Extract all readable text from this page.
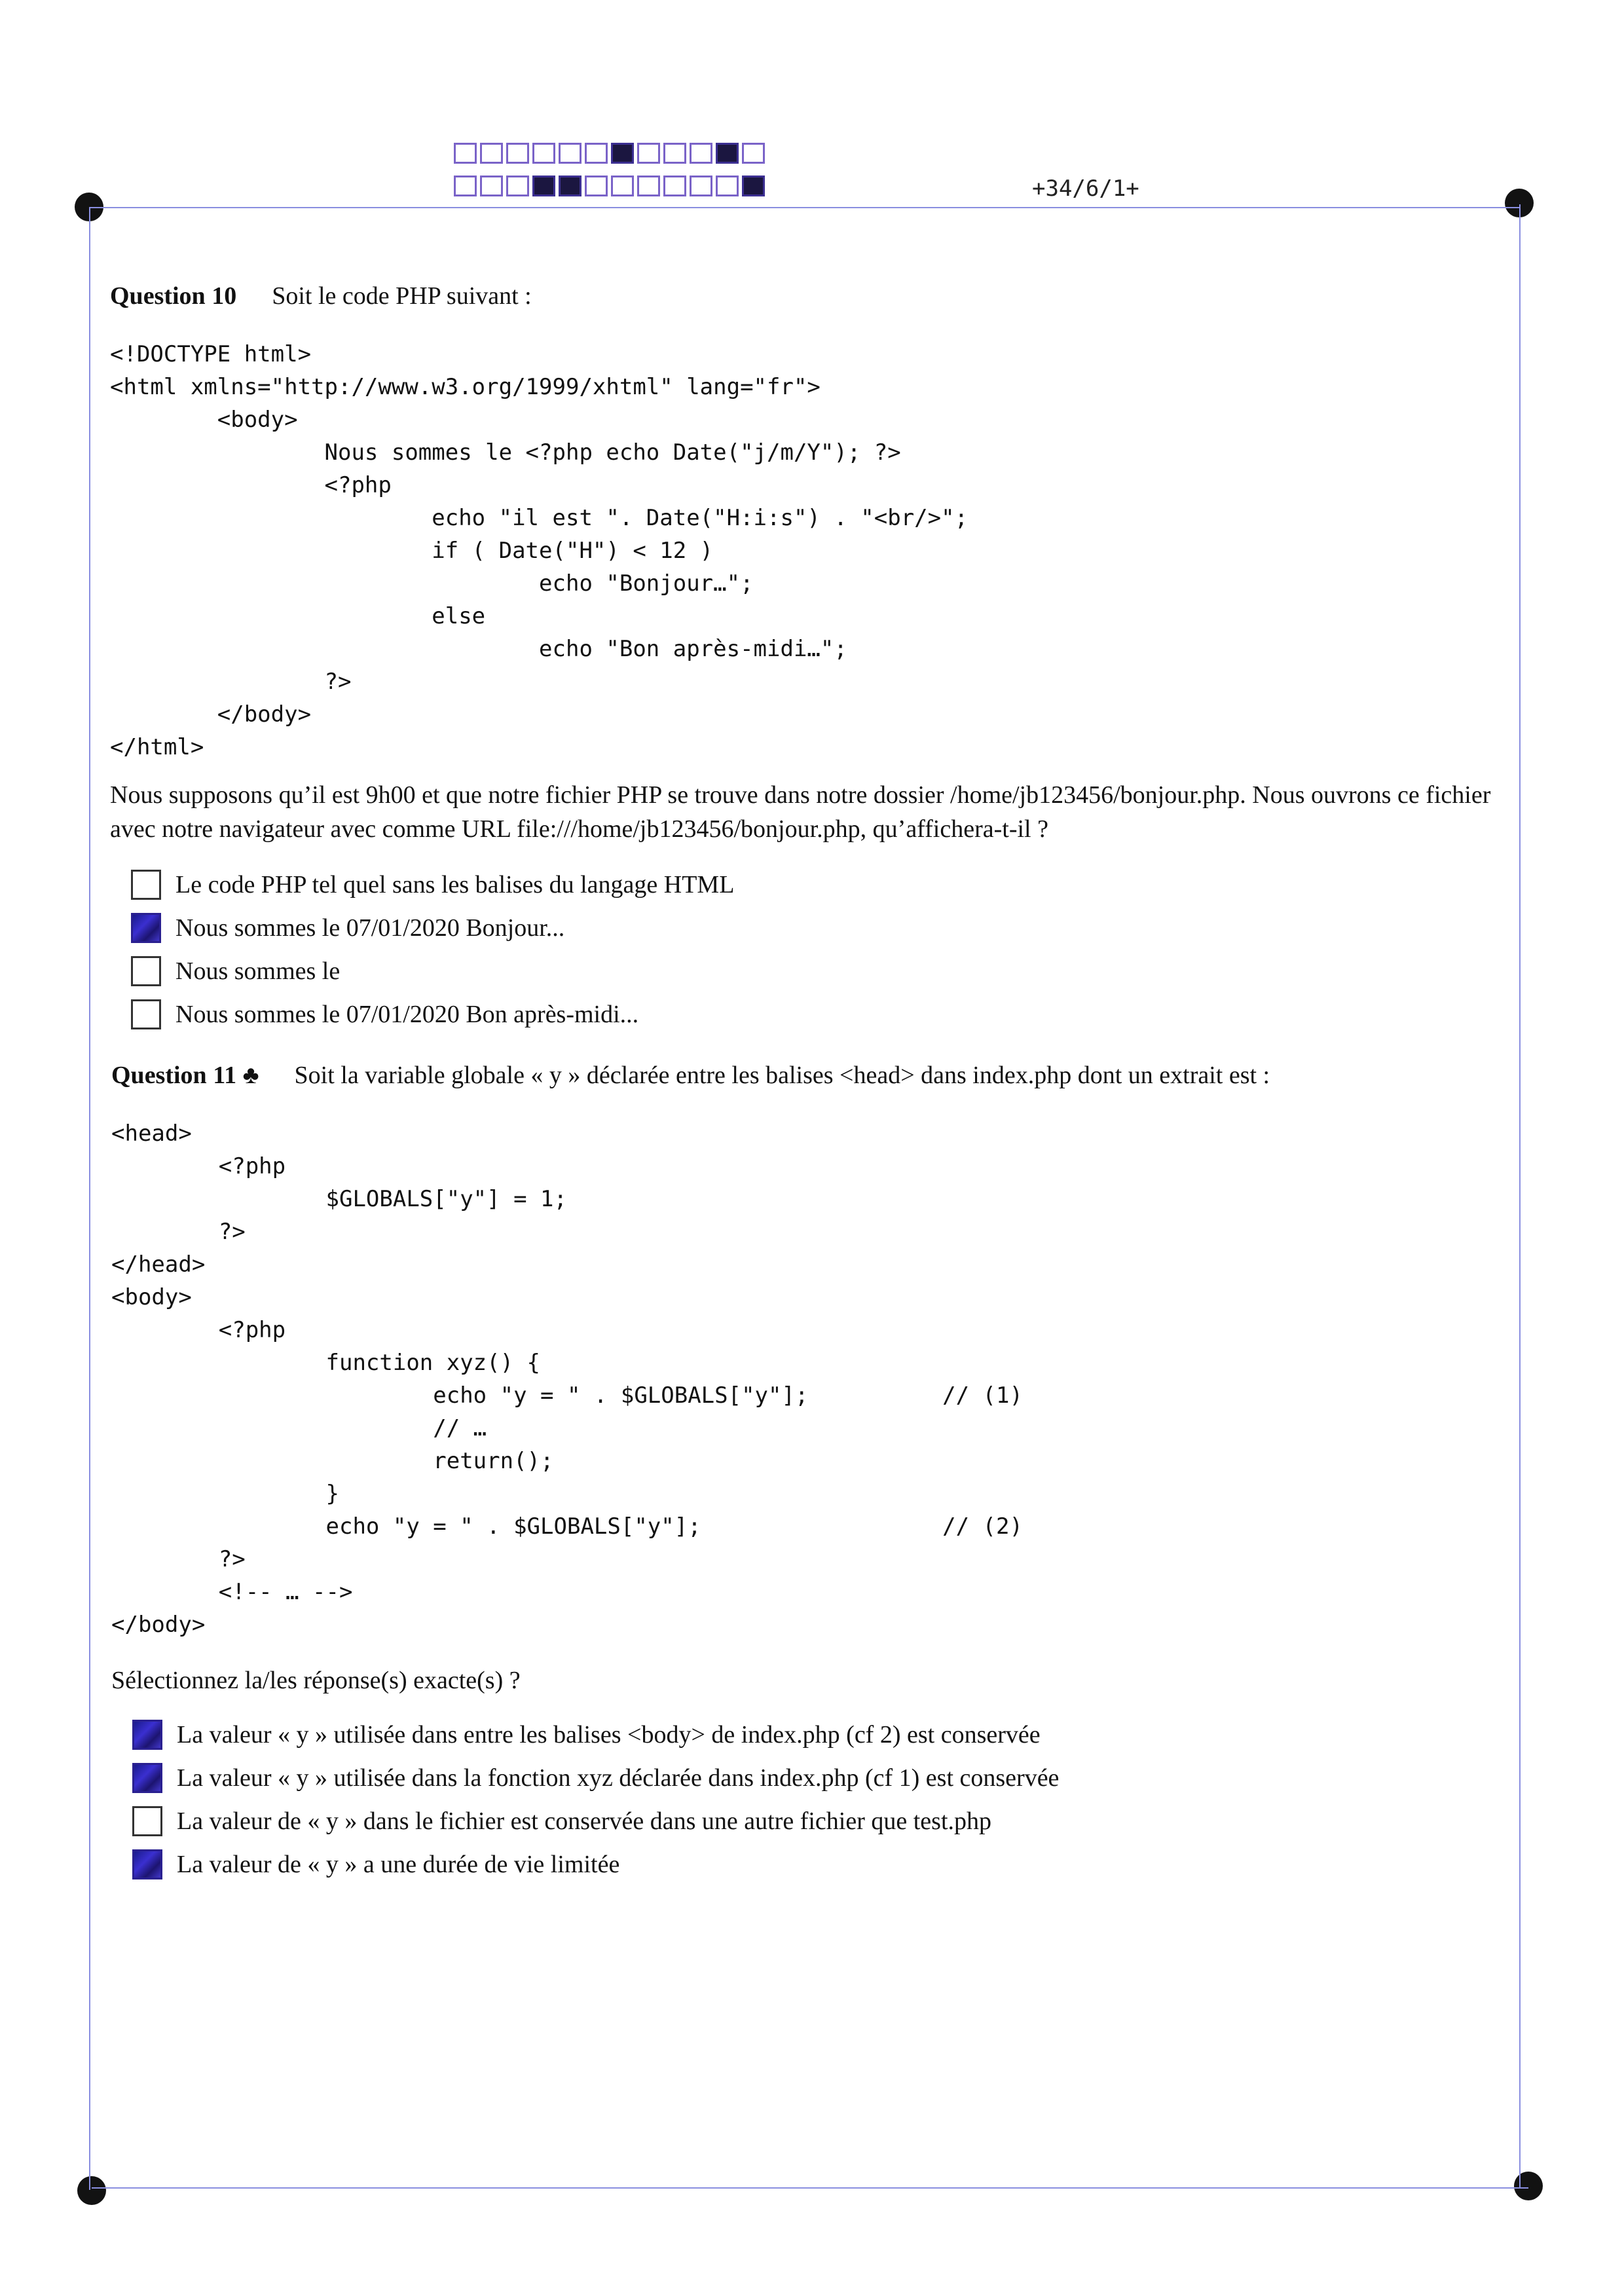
+34/6/1+
Question 10 Soit le code PHP suivant :
<!DOCTYPE html>
<html xmlns="http://www.w3.org/1999/xhtml" lang="fr">
<body>
Nous sommes le <?php echo Date("j/m/Y"); ?>
<?php
echo "il est ". Date("H:i:s") . "<br/>";
if ( Date("H") < 12 )
echo "Bonjour…";
else
echo "Bon après-midi…";
?>
</body>
</html>
Nous supposons qu’il est 9h00 et que notre fichier PHP se trouve dans notre dossier /home/jb123456/bonjour.php. Nous ouvrons ce fichier avec notre navigateur avec comme URL file:///home/jb123456/bonjour.php, qu’affichera-t-il ?
Le code PHP tel quel sans les balises du langage HTML
Nous sommes le 07/01/2020 Bonjour...
Nous sommes le
Nous sommes le 07/01/2020 Bon après-midi...
Question 11 ♣ Soit la variable globale « y » déclarée entre les balises <head> dans index.php dont un extrait est :
<head>
<?php
$GLOBALS["y"] = 1;
?>
</head>
<body>
<?php
function xyz() {
echo "y = " . $GLOBALS["y"];          // (1)
// …
return();
}
echo "y = " . $GLOBALS["y"];                  // (2)
?>
<!-- … -->
</body>
Sélectionnez la/les réponse(s) exacte(s) ?
La valeur « y » utilisée dans entre les balises <body> de index.php (cf 2) est conservée
La valeur « y » utilisée dans la fonction xyz déclarée dans index.php (cf 1) est conservée
La valeur de « y » dans le fichier est conservée dans une autre fichier que test.php
La valeur de « y » a une durée de vie limitée
